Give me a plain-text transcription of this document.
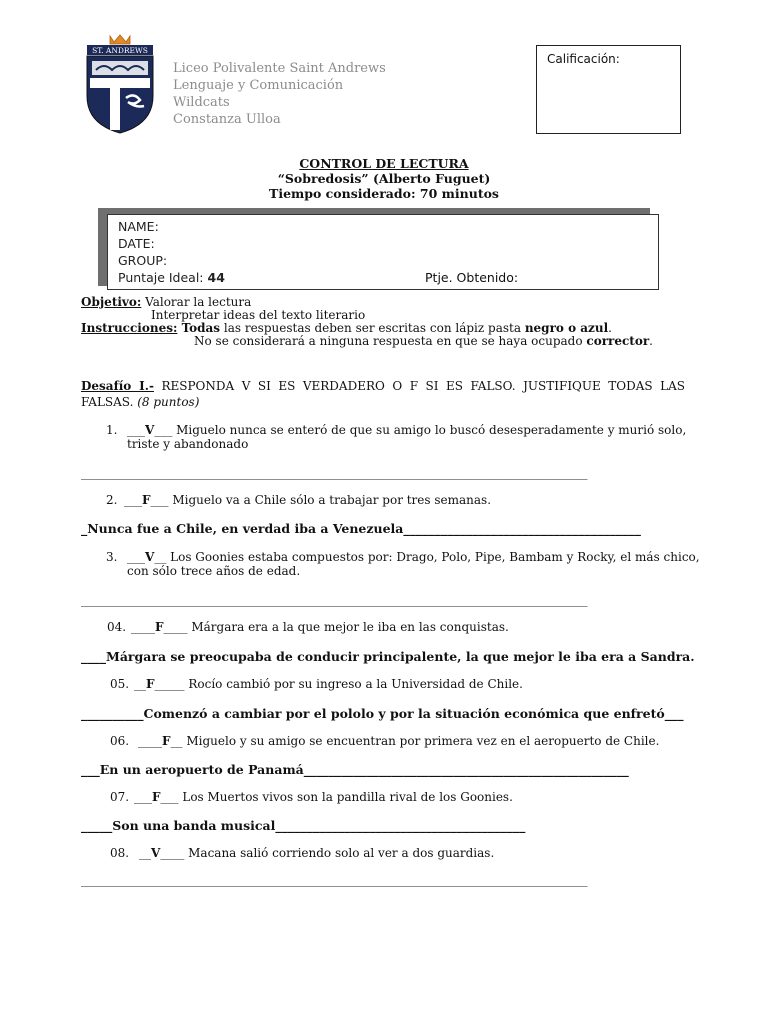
ST. ANDREWS
Liceo Polivalente Saint Andrews
Lenguaje y Comunicación
Wildcats
Constanza Ulloa
Calificación:
CONTROL DE LECTURA
“Sobredosis” (Alberto Fuguet)
Tiempo considerado: 70 minutos
NAME:
DATE:
GROUP:
Puntaje Ideal: 44	Ptje. Obtenido:
Objetivo: Valorar la lectura
Interpretar ideas del texto literario
Instrucciones: Todas las respuestas deben ser escritas con lápiz pasta negro o azul.
No se considerará a ninguna respuesta en que se haya ocupado corrector.
Desafío I.- RESPONDA V SI ES VERDADERO O F SI ES FALSO. JUSTIFIQUE TODAS LAS FALSAS. (8 puntos)
1. ___V___ Miguelo nunca se enteró de que su amigo lo buscó desesperadamente y murió solo,
triste y abandonado
____________________________________________________________________________________________
2. ___F___ Miguelo va a Chile sólo a trabajar por tres semanas.
_Nunca fue a Chile, en verdad iba a Venezuela______________________________________
3. ___V__ Los Goonies estaba compuestos por: Drago, Polo, Pipe, Bambam y Rocky, el más chico,
con sólo trece años de edad.
____________________________________________________________________________________________
04. ____F____ Márgara era a la que mejor le iba en las conquistas.
____Márgara se preocupaba de conducir principalente, la que mejor le iba era a Sandra.
05. __F_____ Rocío cambió por su ingreso a la Universidad de Chile.
__________Comenzó a cambiar por el pololo y por la situación económica que enfretó___
06. ____F__ Miguelo y su amigo se encuentran por primera vez en el aeropuerto de Chile.
___En un aeropuerto de Panamá____________________________________________________
07. ___F___ Los Muertos vivos son la pandilla rival de los Goonies.
_____Son una banda musical________________________________________
08. __V____ Macana salió corriendo solo al ver a dos guardias.
____________________________________________________________________________________________
